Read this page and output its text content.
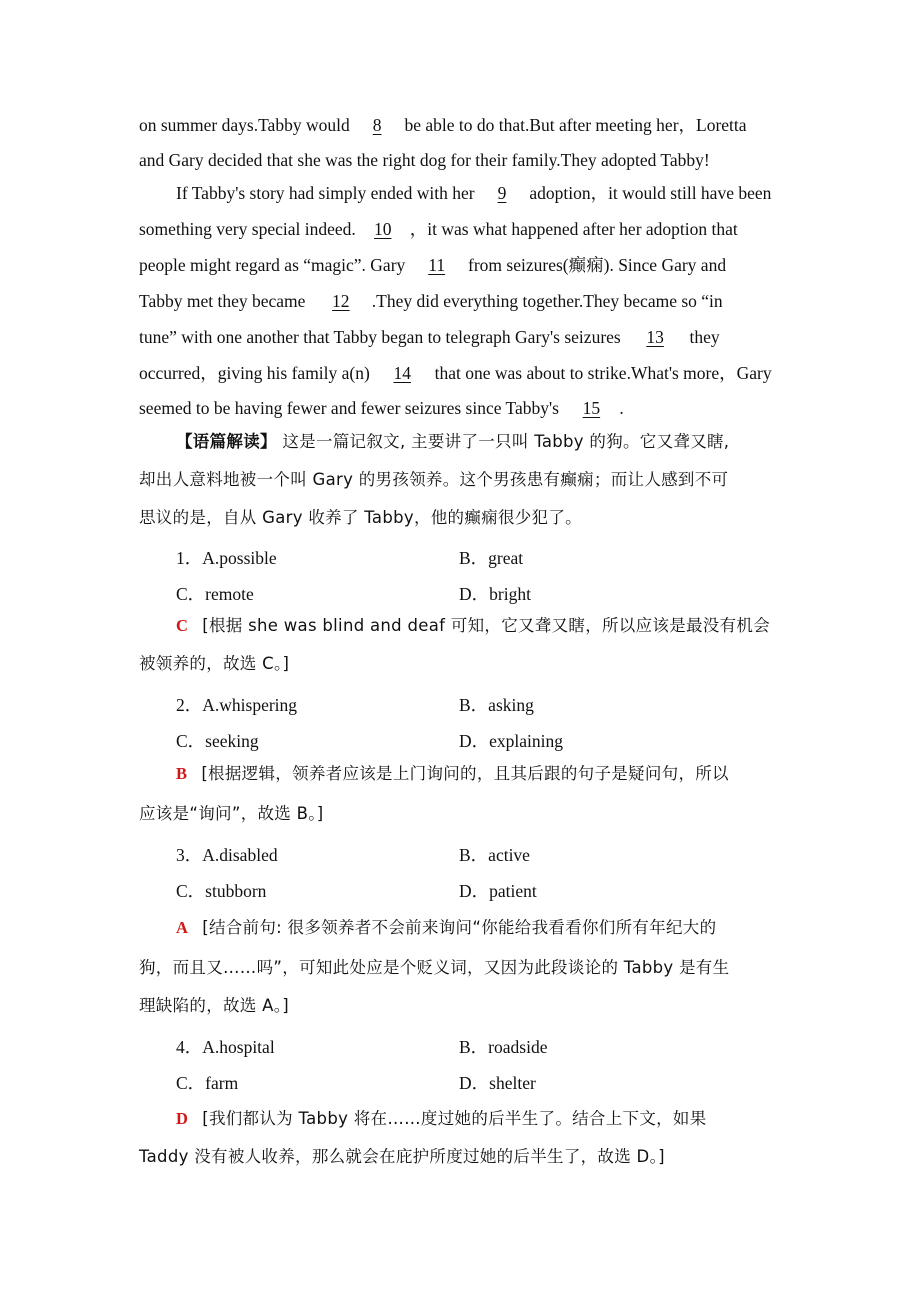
on summer days.Tabby would 8 be able to do that.But after meeting her，Loretta
and Gary decided that she was the right dog for their family.They adopted Tabby!
If Tabby's story had simply ended with her 9 adoption，it would still have been
something very special indeed. 10 ，it was what happened after her adoption that
people might regard as “magic”. Gary 11 from seizures(癫痫). Since Gary and
Tabby met they became 12 .They did everything together.They became so “in
tune” with one another that Tabby began to telegraph Gary's seizures 13 they
occurred，giving his family a(n) 14 that one was about to strike.What's more，Gary
seemed to be having fewer and fewer seizures since Tabby's 15 .
【语篇解读】 这是一篇记叙文, 主要讲了一只叫 Tabby 的狗。它又聋又瞎,
却出人意料地被一个叫 Gary 的男孩领养。这个男孩患有癫痫；而让人感到不可
思议的是，自从 Gary 收养了 Tabby，他的癫痫很少犯了。
1．A.possible	B．great
C．remote	D．bright
C [根据 she was blind and deaf 可知，它又聋又瞎，所以应该是最没有机会
被领养的，故选 C。]
2．A.whispering	B．asking
C．seeking	D．explaining
B [根据逻辑，领养者应该是上门询问的，且其后跟的句子是疑问句，所以
应该是“询问”，故选 B。]
3．A.disabled	B．active
C．stubborn	D．patient
A [结合前句: 很多领养者不会前来询问“你能给我看看你们所有年纪大的
狗，而且又……吗”，可知此处应是个贬义词，又因为此段谈论的 Tabby 是有生
理缺陷的，故选 A。]
4．A.hospital	B．roadside
C．farm	D．shelter
D [我们都认为 Tabby 将在……度过她的后半生了。结合上下文，如果
Taddy 没有被人收养，那么就会在庇护所度过她的后半生了，故选 D。]
